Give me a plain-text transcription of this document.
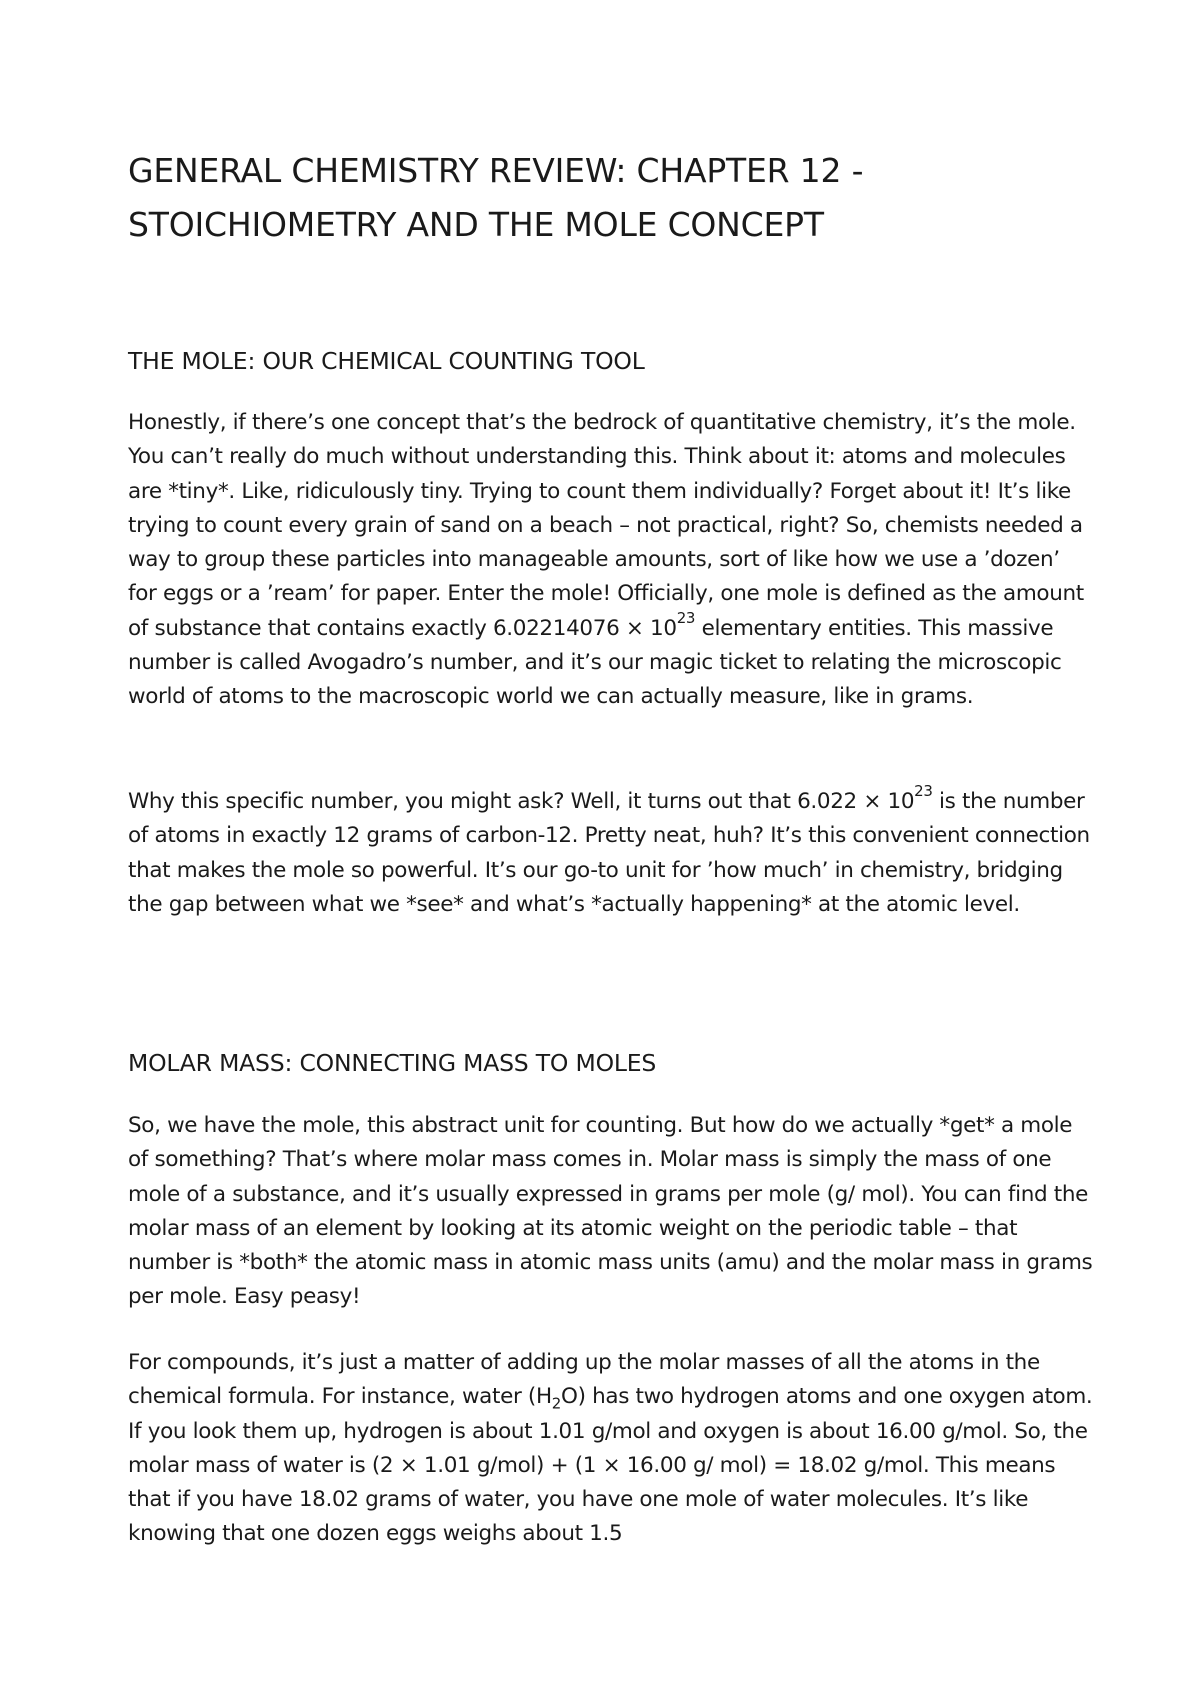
GENERAL CHEMISTRY REVIEW: CHAPTER 12 - STOICHIOMETRY AND THE MOLE CONCEPT
THE MOLE: OUR CHEMICAL COUNTING TOOL

Honestly, if there’s one concept that’s the bedrock of quantitative chemistry, it’s the mole. You can’t really do much without understanding this. Think about it: atoms and molecules are *tiny*. Like, ridiculously tiny. Trying to count them individually? Forget about it! It’s like trying to count every grain of sand on a beach – not practical, right? So, chemists needed a way to group these particles into manageable amounts, sort of like how we use a ’dozen’ for eggs or a ’ream’ for paper. Enter the mole! Officially, one mole is defined as the amount of substance that contains exactly $6.02214076 \times 10^{23}$ elementary entities. This massive number is called Avogadro’s number, and it’s our magic ticket to relating the microscopic world of atoms to the macroscopic world we can actually measure, like in grams.

Why this specific number, you might ask? Well, it turns out that $6.022 \times 10^{23}$ is the number of atoms in exactly 12 grams of carbon-12. Pretty neat, huh? It’s this convenient connection that makes the mole so powerful. It’s our go-to unit for ’how much’ in chemistry, bridging the gap between what we *see* and what’s *actually happening* at the atomic level.

MOLAR MASS: CONNECTING MASS TO MOLES

So, we have the mole, this abstract unit for counting. But how do we actually *get* a mole of something? That’s where molar mass comes in. Molar mass is simply the mass of one mole of a substance, and it’s usually expressed in grams per mole (g/ mol). You can find the molar mass of an element by looking at its atomic weight on the periodic table – that number is *both* the atomic mass in atomic mass units (amu) and the molar mass in grams per mole. Easy peasy!

For compounds, it’s just a matter of adding up the molar masses of all the atoms in the chemical formula. For instance, water $(H_2O)$ has two hydrogen atoms and one oxygen atom. If you look them up, hydrogen is about 1.01 g/mol and oxygen is about 16.00 g/mol. So, the molar mass of water is (2 × 1.01 g/mol) + (1 × 16.00 g/ mol) = 18.02 g/mol. This means that if you have 18.02 grams of water, you have one mole of water molecules. It’s like knowing that one dozen eggs weighs about 1.5
